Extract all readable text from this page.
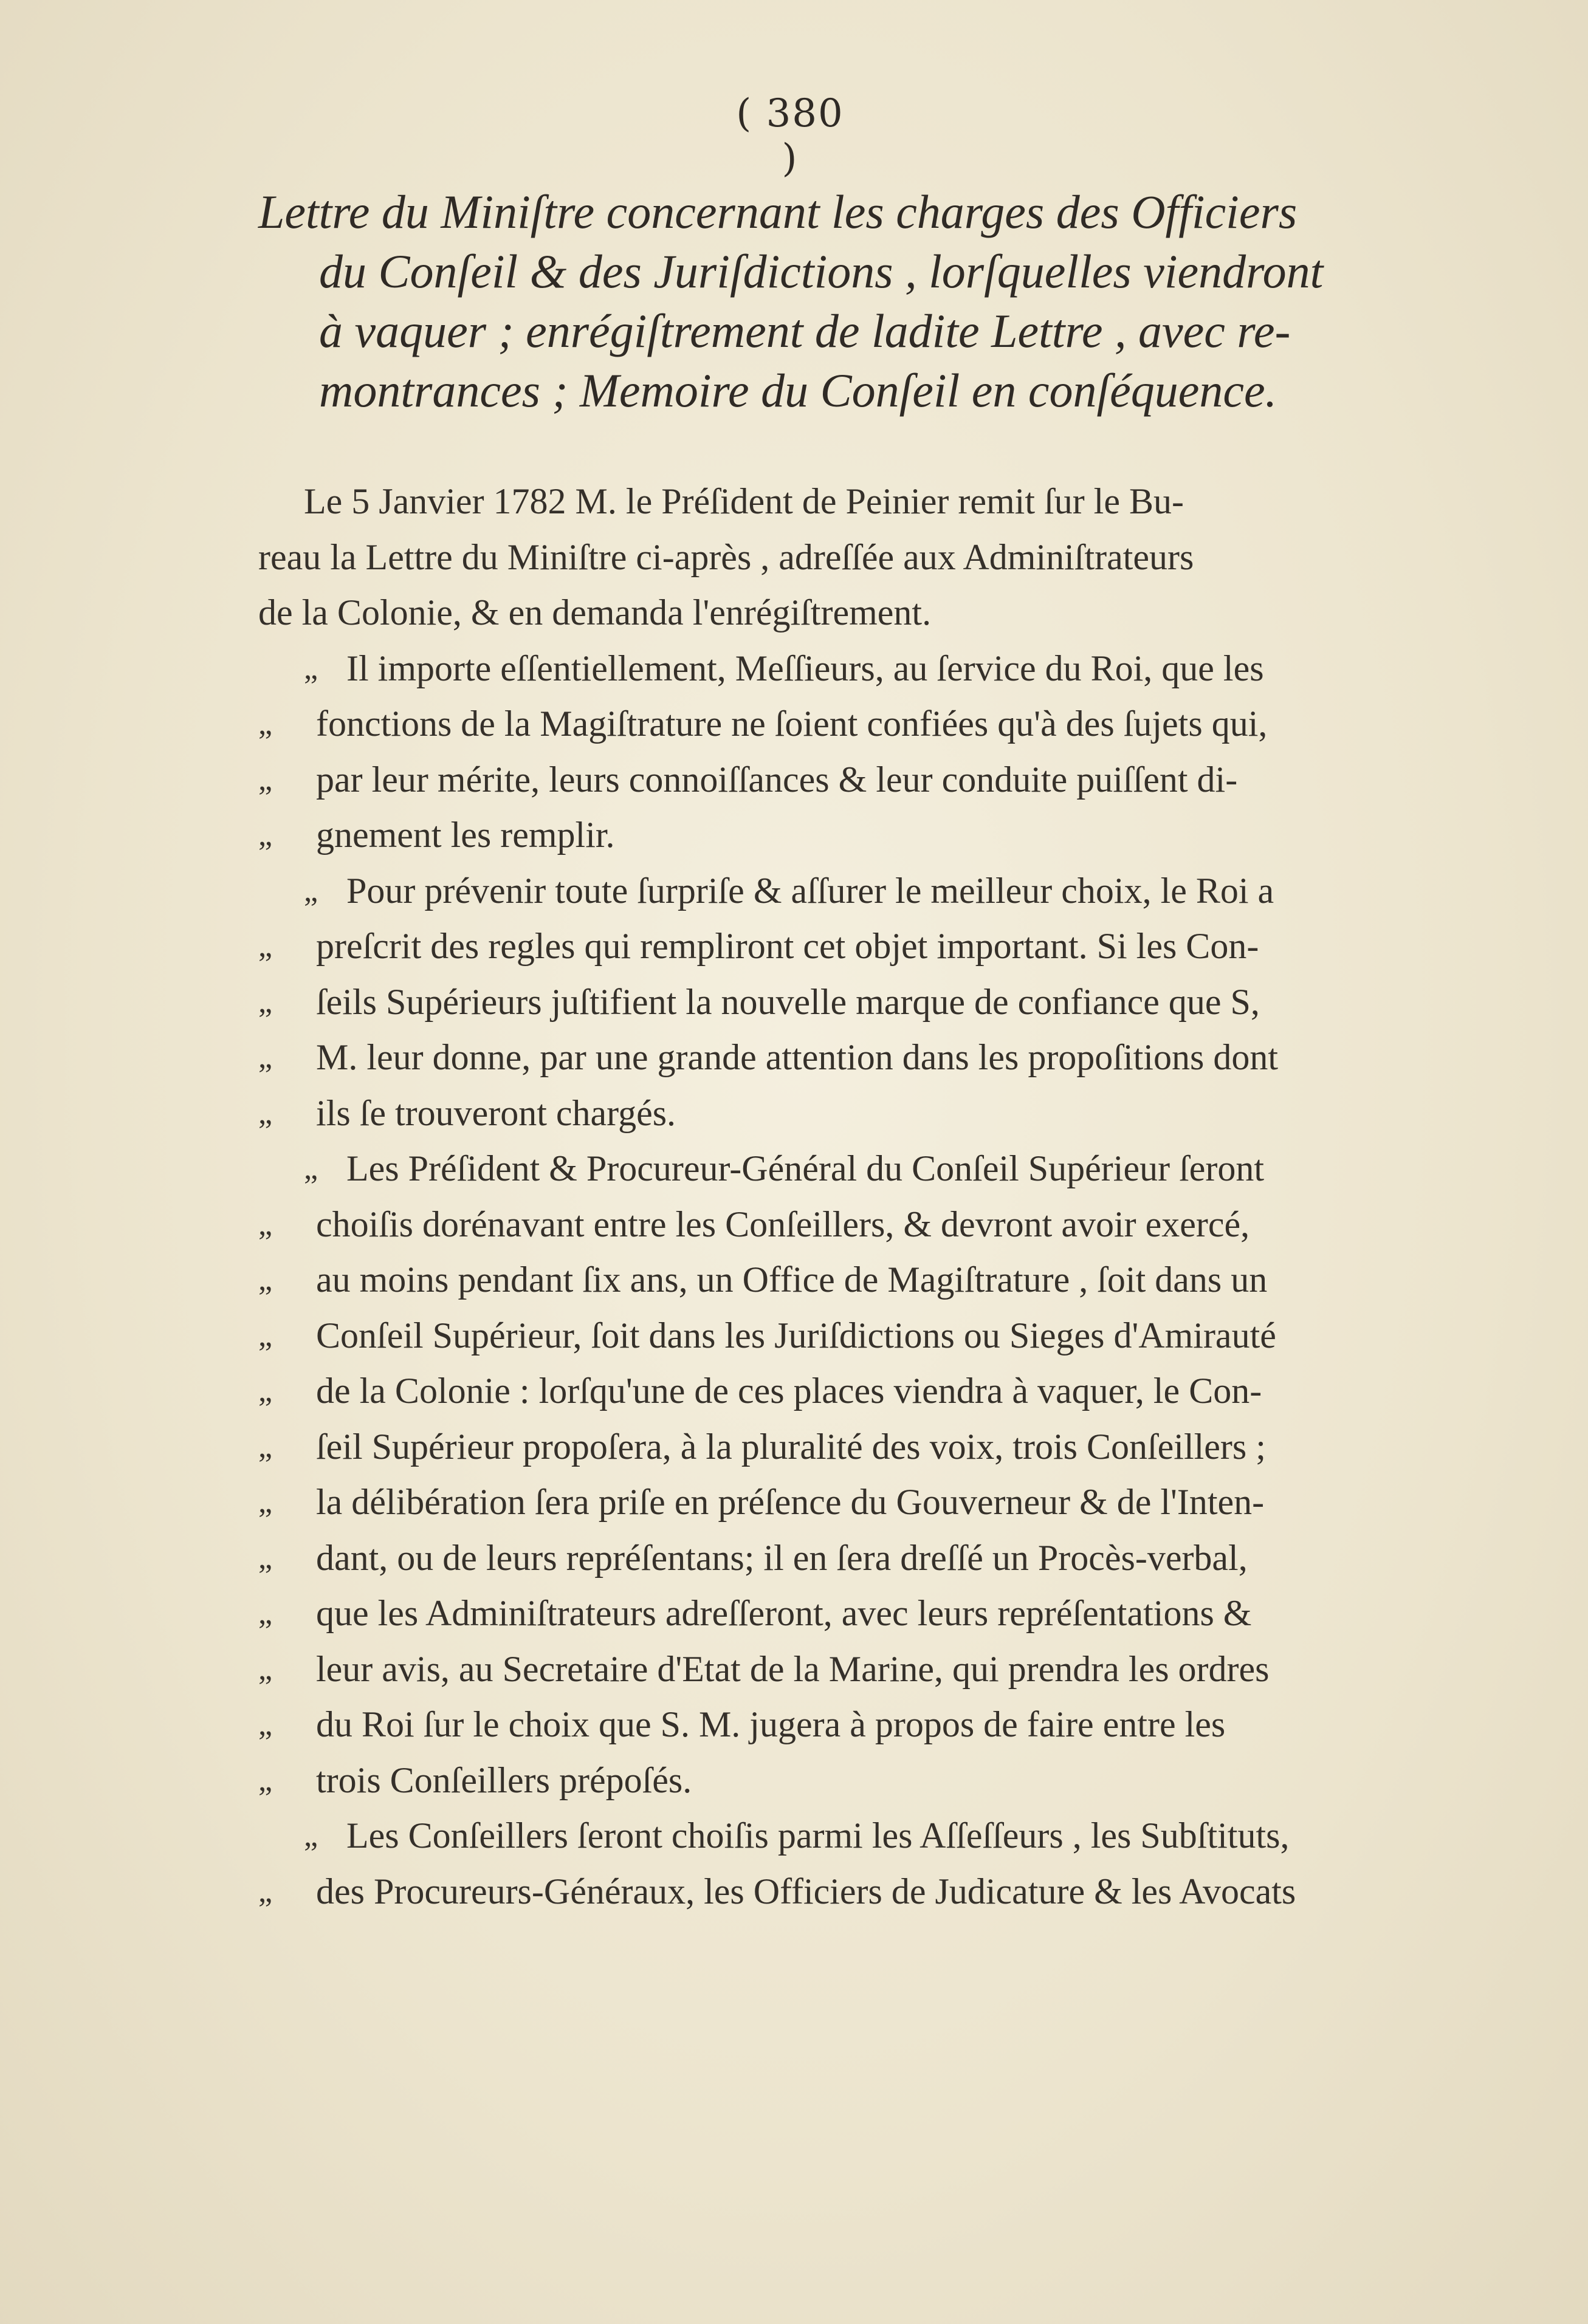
( 380 )
Lettre du Miniſtre concernant les charges des Officiers
du Conſeil & des Juriſdictions , lorſquelles viendront
à vaquer ; enrégiſtrement de ladite Lettre , avec re-
montrances ; Memoire du Conſeil en conſéquence.
Le 5 Janvier 1782 M. le Préſident de Peinier remit ſur le Bu-
reau la Lettre du Miniſtre ci-après , adreſſée aux Adminiſtrateurs
de la Colonie, & en demanda l'enrégiſtrement.
„ Il importe eſſentiellement, Meſſieurs, au ſervice du Roi, que les
„ fonctions de la Magiſtrature ne ſoient confiées qu'à des ſujets qui,
„ par leur mérite, leurs connoiſſances & leur conduite puiſſent di-
„ gnement les remplir.
„ Pour prévenir toute ſurpriſe & aſſurer le meilleur choix, le Roi a
„ preſcrit des regles qui rempliront cet objet important. Si les Con-
„ ſeils Supérieurs juſtifient la nouvelle marque de confiance que S,
„ M. leur donne, par une grande attention dans les propoſitions dont
„ ils ſe trouveront chargés.
„ Les Préſident & Procureur-Général du Conſeil Supérieur ſeront
„ choiſis dorénavant entre les Conſeillers, & devront avoir exercé,
„ au moins pendant ſix ans, un Office de Magiſtrature , ſoit dans un
„ Conſeil Supérieur, ſoit dans les Juriſdictions ou Sieges d'Amirauté
„ de la Colonie : lorſqu'une de ces places viendra à vaquer, le Con-
„ ſeil Supérieur propoſera, à la pluralité des voix, trois Conſeillers ;
„ la délibération ſera priſe en préſence du Gouverneur & de l'Inten-
„ dant, ou de leurs repréſentans; il en ſera dreſſé un Procès-verbal,
„ que les Adminiſtrateurs adreſſeront, avec leurs repréſentations &
„ leur avis, au Secretaire d'Etat de la Marine, qui prendra les ordres
„ du Roi ſur le choix que S. M. jugera à propos de faire entre les
„ trois Conſeillers prépoſés.
„ Les Conſeillers ſeront choiſis parmi les Aſſeſſeurs , les Subſtituts,
„ des Procureurs-Généraux, les Officiers de Judicature & les Avocats
